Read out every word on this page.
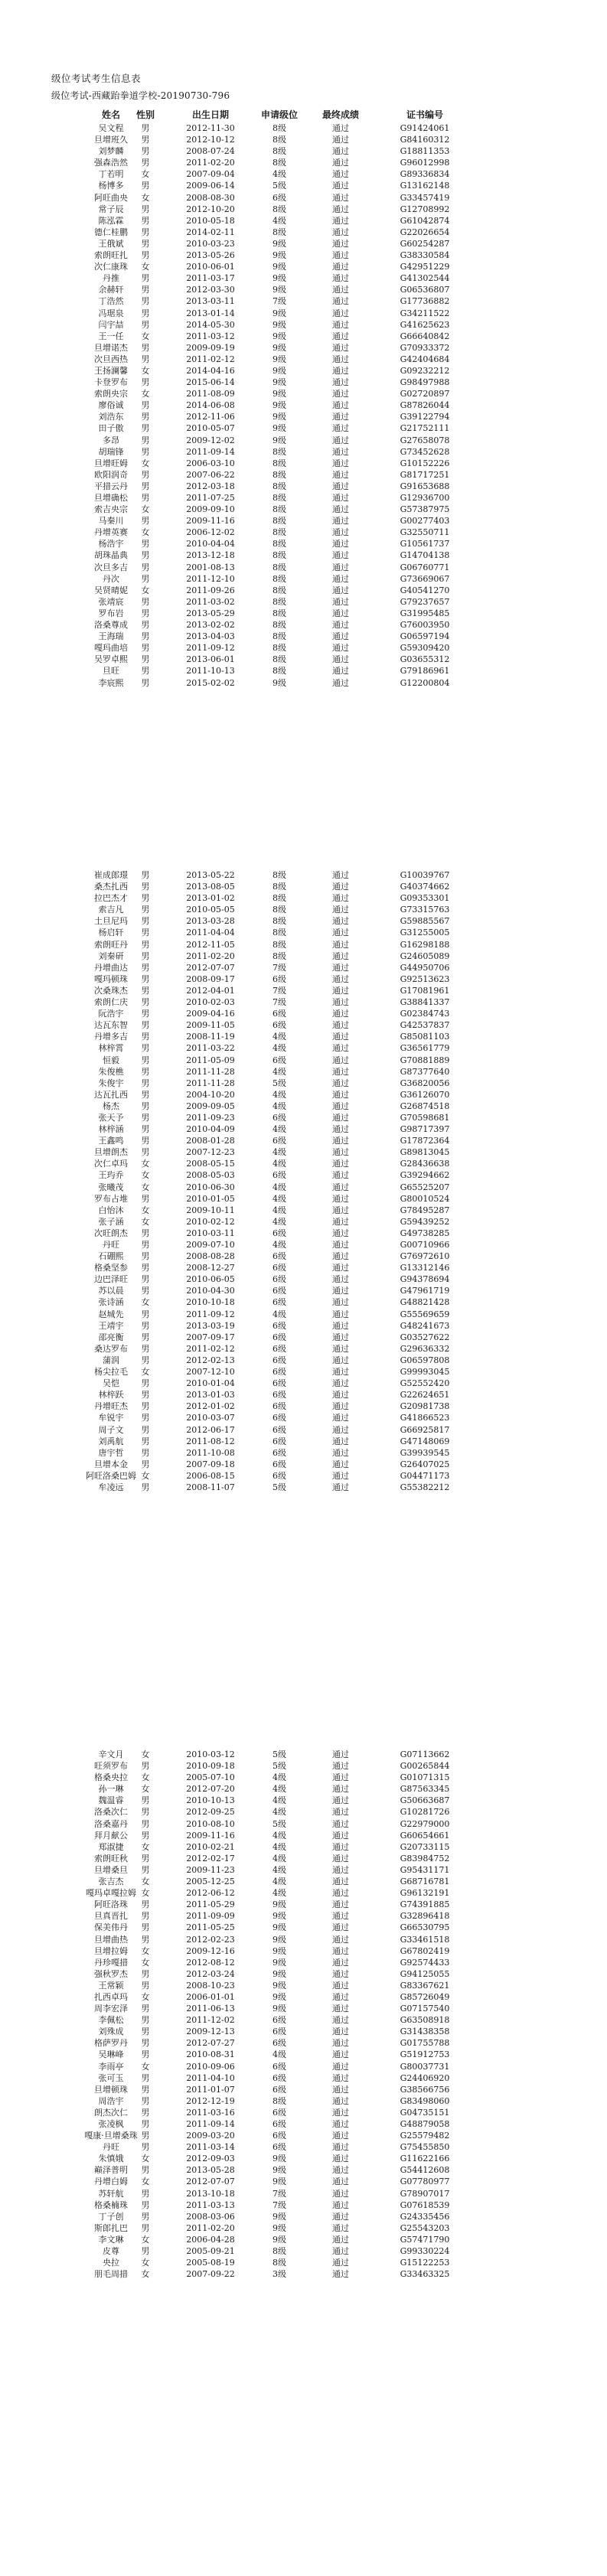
级位考试考生信息表
级位考试-西藏跆拳道学校-20190730-796
姓名	性别	出生日期	申请级位	最终成绩	证书编号
吴文程	男	2012-11-30	8级	通过	G91424061
旦增班久	男	2012-10-12	8级	通过	G84160312
刘梦麟	男	2008-07-24	8级	通过	G18811353
强森浩然	男	2011-02-20	8级	通过	G96012998
丁若明	女	2007-09-04	4级	通过	G89336834
杨博多	男	2009-06-14	5级	通过	G13162148
阿旺曲央	女	2008-08-30	6级	通过	G33457419
常子辰	男	2012-10-20	8级	通过	G12708992
陈泓霖	男	2010-05-18	4级	通过	G61042874
德仁桂鹏	男	2014-02-11	8级	通过	G22026654
王俄斌	男	2010-03-23	9级	通过	G60254287
索朗旺扎	男	2013-05-26	9级	通过	G38330584
次仁康珠	女	2010-06-01	9级	通过	G42951229
丹推	男	2011-03-17	9级	通过	G41302544
余赫轩	男	2012-03-30	9级	通过	G06536807
丁浩然	男	2013-03-11	7级	通过	G17736882
冯琚泉	男	2013-01-14	9级	通过	G34211522
闫宇喆	男	2014-05-30	9级	通过	G41625623
王一任	女	2011-03-12	9级	通过	G66640842
旦增诺杰	男	2009-09-19	9级	通过	G70933372
次旦西热	男	2011-02-12	9级	通过	G42404684
王扬澜馨	女	2014-04-16	9级	通过	G09232212
卡登罗布	男	2015-06-14	9级	通过	G98497988
索朗央宗	女	2011-08-09	9级	通过	G02720897
廖俗诚	男	2014-06-08	9级	通过	G87826044
刘浩东	男	2012-11-06	9级	通过	G39122794
田子傲	男	2010-05-07	9级	通过	G21752111
多昂	男	2009-12-02	9级	通过	G27658078
胡瑞锋	男	2011-09-14	8级	通过	G73452628
旦增旺姆	女	2006-03-10	8级	通过	G10152226
欧阳润奇	男	2007-06-22	8级	通过	G81717251
平措云丹	男	2012-03-18	8级	通过	G91653688
旦增确松	男	2011-07-25	8级	通过	G12936700
索吉央宗	女	2009-09-10	8级	通过	G57387975
马秦川	男	2009-11-16	8级	通过	G00277403
丹增英赛	女	2006-12-02	8级	通过	G32550711
杨浩宇	男	2010-04-04	8级	通过	G10561737
胡珠晶典	男	2013-12-18	8级	通过	G14704138
次旦多吉	男	2001-08-13	8级	通过	G06760771
丹次	男	2011-12-10	8级	通过	G73669067
吴贤晴妮	女	2011-09-26	8级	通过	G40541270
张靖宸	男	2011-03-02	8级	通过	G79237657
罗布岩	男	2013-05-29	8级	通过	G31995485
洛桑尊成	男	2013-02-02	8级	通过	G76003950
王海瑞	男	2013-04-03	8级	通过	G06597194
嘎玛曲培	男	2011-09-12	8级	通过	G59309420
吴罗卓熙	男	2013-06-01	8级	通过	G03655312
旦旺	男	2011-10-13	8级	通过	G79186961
李宸熙	男	2015-02-02	9级	通过	G12200804
崔成郎璟	男	2013-05-22	8级	通过	G10039767
桑杰扎西	男	2013-08-05	8级	通过	G40374662
拉巴杰才	男	2013-01-02	8级	通过	G09353301
索吉凡	男	2010-05-05	8级	通过	G73315763
土旦尼玛	男	2013-03-28	8级	通过	G59885567
杨启轩	男	2011-04-04	8级	通过	G31255005
索朗旺丹	男	2012-11-05	8级	通过	G16298188
刘秦研	男	2011-02-20	8级	通过	G24605089
丹增曲达	男	2012-07-07	7级	通过	G44950706
嘎玛顿珠	男	2008-09-17	6级	通过	G92513623
次桑珠杰	男	2012-04-01	7级	通过	G17081961
索朗仁庆	男	2010-02-03	7级	通过	G38841337
阮浩宇	男	2009-04-16	6级	通过	G02384743
达瓦东智	男	2009-11-05	6级	通过	G42537837
丹增多吉	男	2008-11-19	4级	通过	G85081103
林梓霄	男	2011-03-22	4级	通过	G36561779
恒毅	男	2011-05-09	6级	通过	G70881889
朱俊樵	男	2011-11-28	4级	通过	G87377640
朱俊宇	男	2011-11-28	5级	通过	G36820056
达瓦扎西	男	2004-10-20	4级	通过	G36126070
杨杰	男	2009-09-05	4级	通过	G26874518
张天予	男	2011-09-23	6级	通过	G70598681
林梓涵	男	2010-04-09	4级	通过	G98717397
王鑫鸣	男	2008-01-28	6级	通过	G17872364
旦增朗杰	男	2007-12-23	4级	通过	G89813045
次仁卓玛	女	2008-05-15	4级	通过	G28436638
王玙乔	女	2008-05-03	6级	通过	G39294662
张曦茂	女	2010-06-30	4级	通过	G65525207
罗布占堆	男	2010-01-05	4级	通过	G80010524
白怡沐	女	2009-10-11	4级	通过	G78495287
张子涵	女	2010-02-12	4级	通过	G59439252
次旺朗杰	男	2010-03-11	6级	通过	G49738285
丹旺	男	2009-07-10	4级	通过	G00710966
石硼熙	男	2008-08-28	6级	通过	G76972610
格桑坚参	男	2008-12-27	6级	通过	G13312146
边巴泽旺	男	2010-06-05	6级	通过	G94378694
苏以晨	男	2010-04-30	6级	通过	G47961719
张诗涵	女	2010-10-18	6级	通过	G48821428
赵城先	男	2011-09-12	4级	通过	G55569659
王靖宇	男	2013-03-19	6级	通过	G48241673
邵亮衡	男	2007-09-17	6级	通过	G03527622
桑达罗布	男	2011-02-12	6级	通过	G29636332
蒲润	男	2012-02-13	6级	通过	G06597808
杨尖拉毛	女	2007-12-10	6级	通过	G99993045
吴恺	男	2010-01-04	6级	通过	G52552420
林梓跃	男	2013-01-03	6级	通过	G22624651
丹增旺杰	男	2012-01-02	6级	通过	G20981738
牟锐宇	男	2010-03-07	6级	通过	G41866523
周子文	男	2012-06-17	6级	通过	G66925817
刘禹航	男	2011-08-12	6级	通过	G47148069
唐宇哲	男	2011-10-08	6级	通过	G39939545
旦增本金	男	2007-09-18	6级	通过	G26407025
阿旺洛桑巴姆 女	2006-08-15	6级	通过	G04471173
牟凌远	男	2008-11-07	5级	通过	G55382212
辛文月	女	2010-03-12	5级	通过	G07113662
旺须罗布	男	2010-09-18	5级	通过	G00265844
格桑央拉	女	2005-07-10	4级	通过	G01071315
孙一琳	女	2012-07-20	4级	通过	G87563345
魏温睿	男	2010-10-13	4级	通过	G50663687
洛桑次仁	男	2012-09-25	4级	通过	G10281726
洛桑嘉丹	男	2010-08-10	5级	通过	G22979000
拜月献公	男	2009-11-16	4级	通过	G60654661
郑淑捷	女	2010-02-21	4级	通过	G20733115
索朗旺秋	男	2012-02-17	4级	通过	G83984752
旦增桑旦	男	2009-11-23	4级	通过	G95431171
张吉杰	女	2005-12-25	4级	通过	G68716781
嘎玛卓嘎拉姆 女	2012-06-12	4级	通过	G96132191
阿旺洛珠	男	2011-05-29	9级	通过	G74391885
旦真晋扎	男	2011-09-09	9级	通过	G32896418
保美伟丹	男	2011-05-25	9级	通过	G66530795
旦增曲热	男	2012-02-23	9级	通过	G33461518
旦增拉姆	女	2009-12-16	9级	通过	G67802419
丹珍嘎措	女	2012-08-12	9级	通过	G92574433
强秋罗杰	男	2012-03-24	9级	通过	G94125055
王常颖	男	2008-10-23	9级	通过	G83367621
扎西卓玛	女	2006-01-01	9级	通过	G85726049
周李宏泽	男	2011-06-13	9级	通过	G07157540
李佩松	男	2011-12-02	6级	通过	G63508918
刘殊成	男	2009-12-13	6级	通过	G31438358
格萨罗丹	男	2012-07-27	6级	通过	G01755788
吴琳峰	男	2010-08-31	4级	通过	G51912753
李雨亭	女	2010-09-06	6级	通过	G80037731
张可玉	男	2011-04-10	6级	通过	G24406920
旦增顿珠	男	2011-01-07	6级	通过	G38566756
周浩宇	男	2012-12-19	8级	通过	G83498060
朗杰次仁	男	2011-03-16	6级	通过	G04735151
张凌枫	男	2011-09-14	6级	通过	G48879058
嘎康·旦增桑珠 男	2009-03-20	6级	通过	G25579482
丹旺	男	2011-03-14	6级	通过	G75455850
朱慎娥	女	2012-09-03	9级	通过	G11622166
巅泽普明	男	2013-05-28	9级	通过	G54412608
丹增白姆	女	2012-07-07	9级	通过	G07780977
苏轩航	男	2013-10-18	7级	通过	G78907017
格桑楠珠	男	2011-03-13	7级	通过	G07618539
丁子创	男	2008-03-06	9级	通过	G24335456
斯郎扎巴	男	2011-02-20	9级	通过	G25543203
李文琳	女	2006-04-28	9级	通过	G57471790
皮尊	男	2005-09-21	8级	通过	G99330224
央拉	女	2005-08-19	8级	通过	G15122253
朋毛周措	女	2007-09-22	3级	通过	G33463325
